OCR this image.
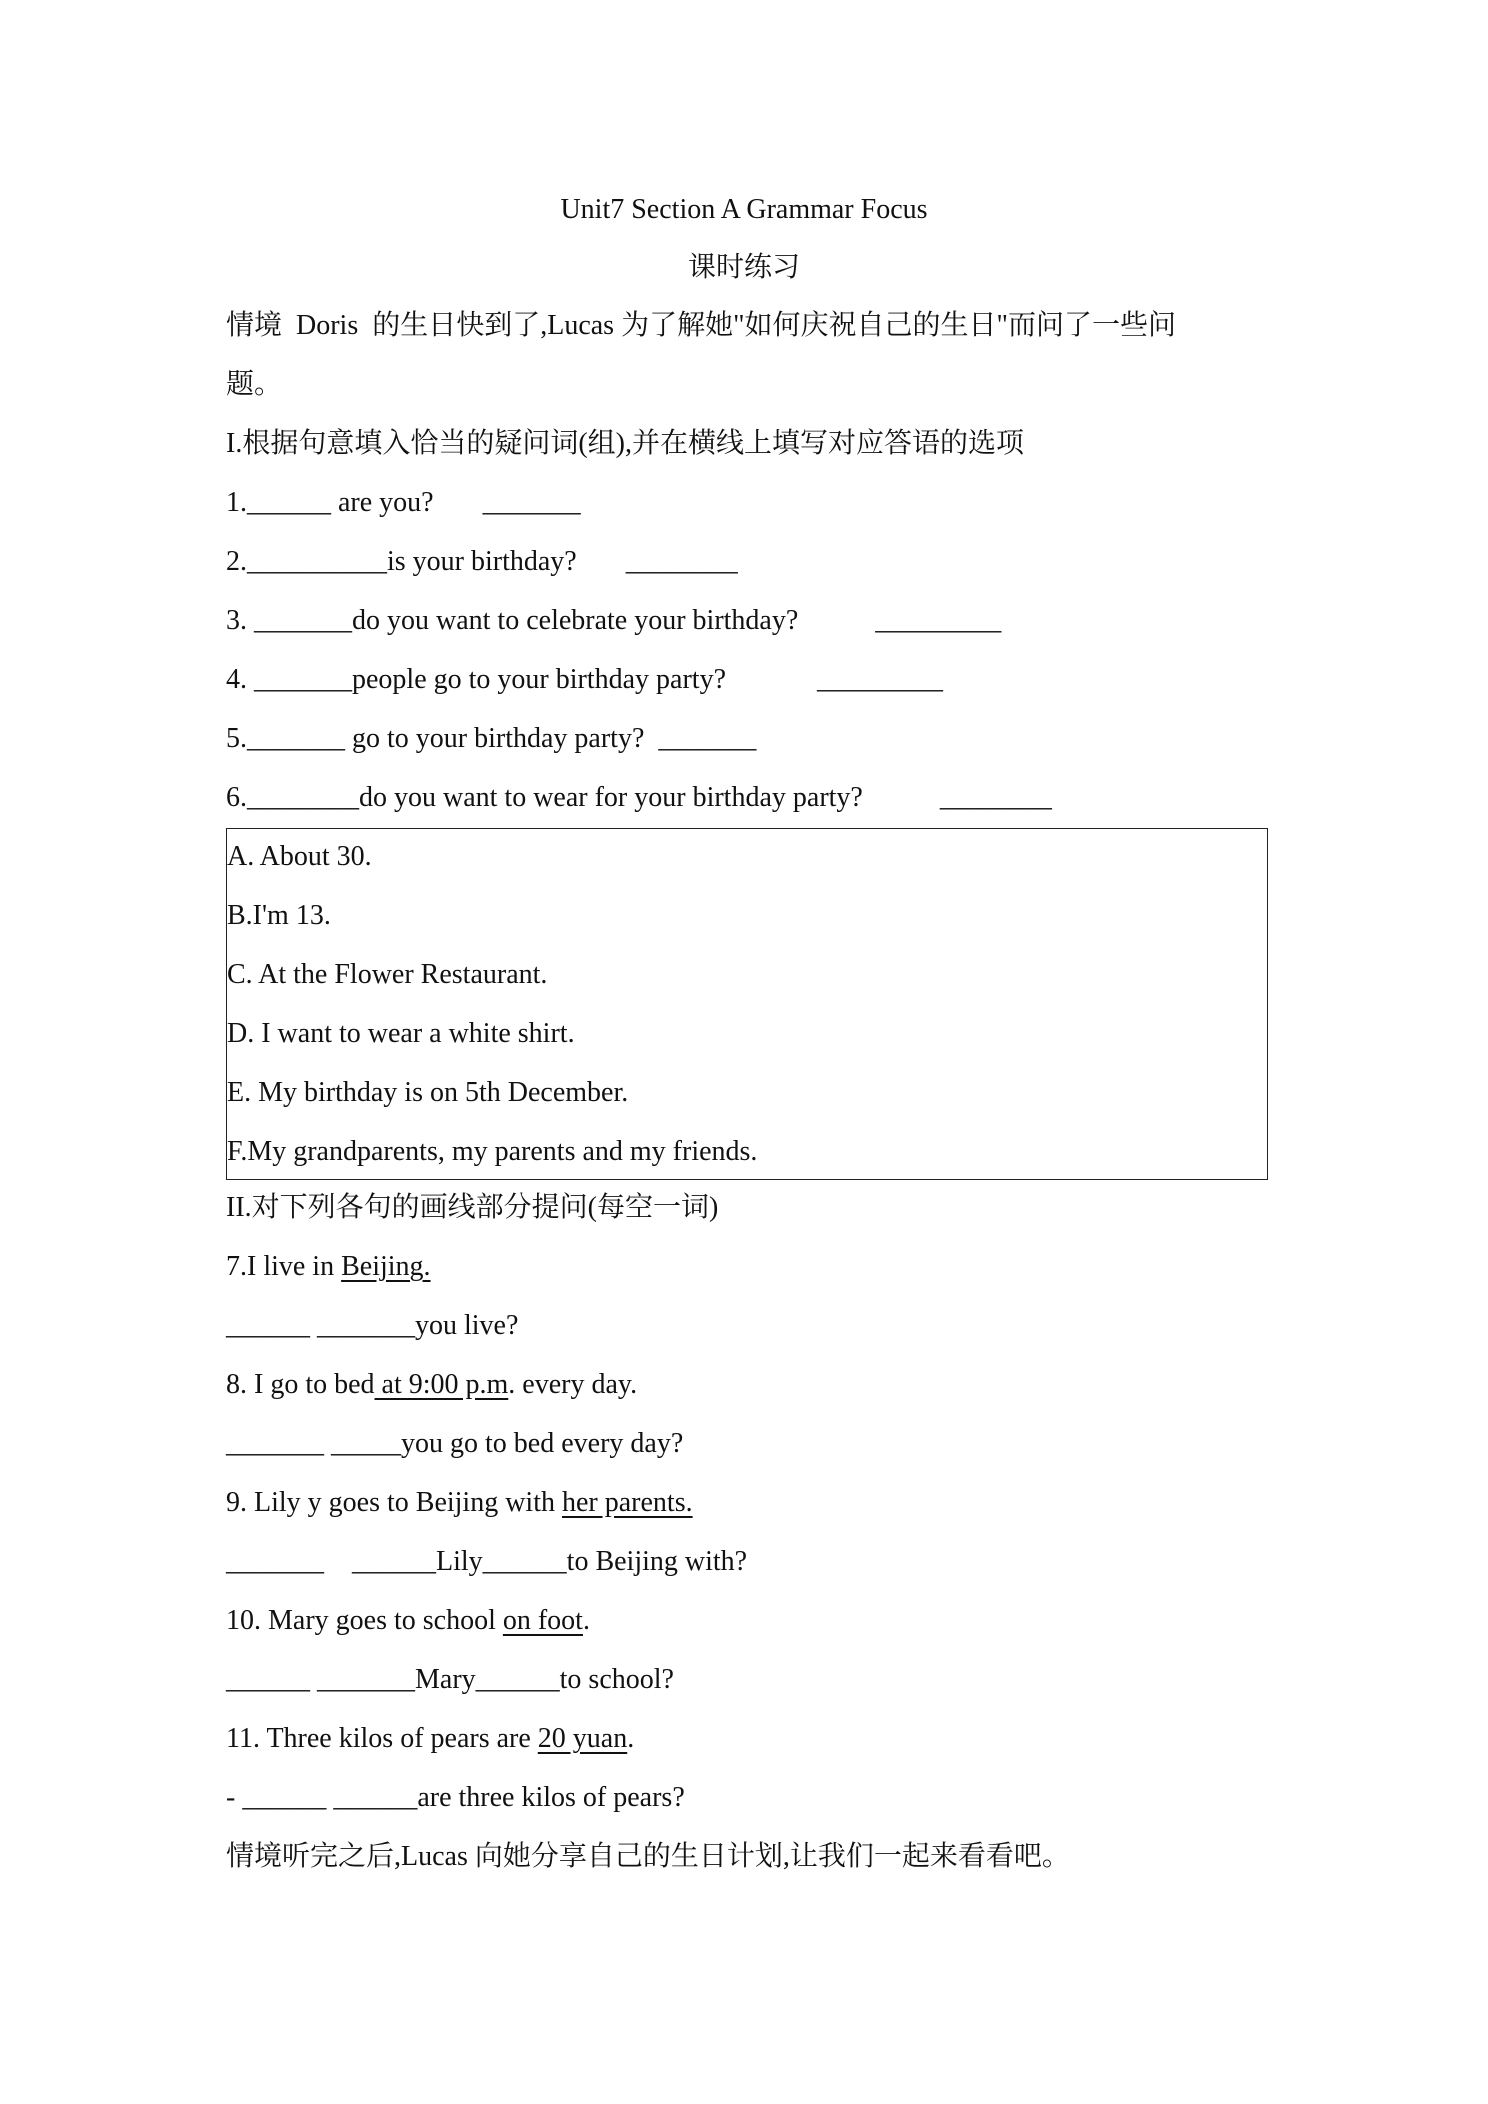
Unit7 Section A Grammar Focus
课时练习
情境  Doris  的生日快到了,Lucas 为了解她"如何庆祝自己的生日"而问了一些问
题。
I.根据句意填入恰当的疑问词(组),并在横线上填写对应答语的选项
1.______ are you?       _______
2.__________is your birthday?       ________
3. _______do you want to celebrate your birthday?           _________
4. _______people go to your birthday party?             _________
5._______ go to your birthday party?  _______
6.________do you want to wear for your birthday party?           ________
A. About 30.
B.I'm 13.
C. At the Flower Restaurant.
D. I want to wear a white shirt.
E. My birthday is on 5th December.
F.My grandparents, my parents and my friends.
II.对下列各句的画线部分提问(每空一词)
7.I live in Beijing.
______ _______you live?
8. I go to bed at 9:00 p.m. every day.
_______ _____you go to bed every day?
9. Lily y goes to Beijing with her parents.
_______    ______Lily______to Beijing with?
10. Mary goes to school on foot.
______ _______Mary______to school?
11. Three kilos of pears are 20 yuan.
- ______ ______are three kilos of pears?
情境听完之后,Lucas 向她分享自己的生日计划,让我们一起来看看吧。
